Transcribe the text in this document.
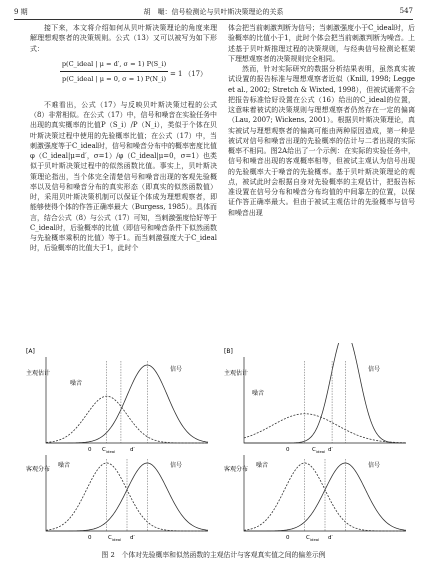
9 期	胡　嘬：信号检测论与贝叶斯决策理论的关系	547

接下来，本文将介绍如何从贝叶斯决策理论的角度来理解理想观察者的决策规则。公式（13）又可以被写为如下形式：

p(C_ideal | μ = d′, σ = 1) P(S_i)
p(C_ideal | μ = 0, σ = 1) P(N_i)
= 1 （17）

不难看出，公式（17）与反映贝叶斯决策过程的公式（8）非常相似。在公式（17）中，信号和噪音在实验任务中出现的真实概率的比值P（S_i）/P（N_i），类似于个体在贝叶斯决策过程中使用的先验概率比值；在公式（17）中，当刺激强度等于C_ideal时，信号和噪音分布中的概率密度比值φ（C_ideal|μ=d′，σ=1）/φ（C_ideal|μ=0，σ=1）也类似于贝叶斯决策过程中的似然函数比值。事实上，贝叶斯决策理论指出，当个体完全清楚信号和噪音出现的客观先验概率以及信号和噪音分布的真实形态（即真实的似然函数值）时，采用贝叶斯决策机制可以保证个体成为理想观察者，即能够使得个体的作答正确率最大（Burgess, 1985）。具体而言，结合公式（8）与公式（17）可知，当刺激强度恰好等于C_ideal时，后验概率的比值（即信号和噪音条件下似然函数与先验概率乘积的比值）等于1。而当刺激强度大于C_ideal时，后验概率的比值大于1，此时个

体会把当前刺激判断为信号；当刺激强度小于C_ideal时，后验概率的比值小于1，此时个体会把当前刺激判断为噪音。上述基于贝叶斯推理过程的决策规则，与经典信号检测论框架下理想观察者的决策规则完全相同。

然而，针对实际研究的数据分析结果表明，虽然真实被试设置的报告标准与理想观察者近似（Knill, 1998; Legge et al., 2002; Stretch & Wixted, 1998），但被试通常不会把报告标准恰好设置在公式（16）给出的C_ideal的位置，这意味着被试的决策规则与理想观察者仍然存在一定的偏离（Lau, 2007; Wickens, 2001）。根据贝叶斯决策理论，真实被试与理想观察者的偏离可能由两种原因造成，第一种是被试对信号和噪音出现的先验概率的估计与二者出现的实际概率不相同。图2A给出了一个示例：在实际的实验任务中，信号和噪音出现的客观概率相等，但被试主观认为信号出现的先验概率大于噪音的先验概率。基于贝叶斯决策理论的观点，被试此时会根据自身对先验概率的主观估计，把报告标准设置在信号分布和噪音分布均值的中间靠左的位置，以保证作答正确率最大。但由于被试主观估计的先验概率与信号和噪音出现

[A]
主观估计
客观分布
噪音
信号
噪音	信号
0 C ideal	d′
0	C ideal d′
[B]
主观估计
客观分布
噪音
信号
噪音	信号
0	C ideal d′
0	C ideal d′
图 2　个体对先验概率和似然函数的主观估计与客观真实值之间的偏差示例
